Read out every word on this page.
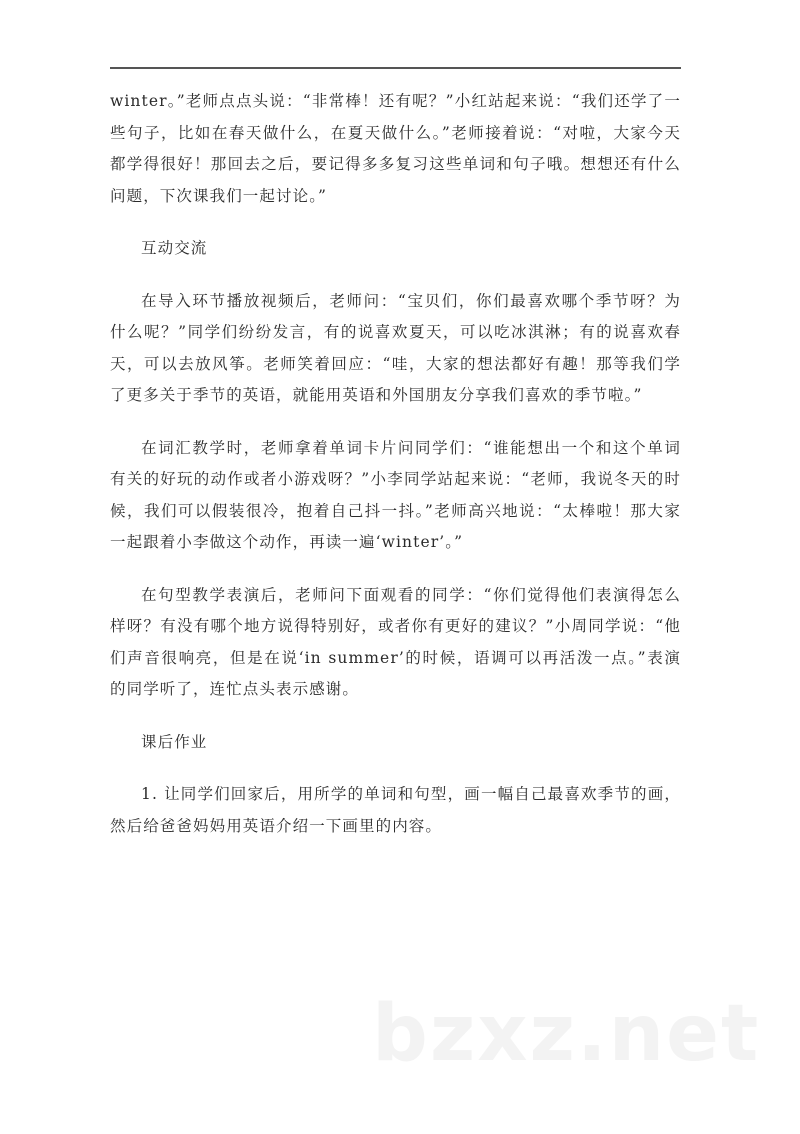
winter。”老师点点头说：“非常棒！还有呢？”小红站起来说：“我们还学了一些句子，比如在春天做什么，在夏天做什么。”老师接着说：“对啦，大家今天都学得很好！那回去之后，要记得多多复习这些单词和句子哦。想想还有什么问题，下次课我们一起讨论。”

互动交流

在导入环节播放视频后，老师问：“宝贝们，你们最喜欢哪个季节呀？为什么呢？”同学们纷纷发言，有的说喜欢夏天，可以吃冰淇淋；有的说喜欢春天，可以去放风筝。老师笑着回应：“哇，大家的想法都好有趣！那等我们学了更多关于季节的英语，就能用英语和外国朋友分享我们喜欢的季节啦。”

在词汇教学时，老师拿着单词卡片问同学们：“谁能想出一个和这个单词有关的好玩的动作或者小游戏呀？”小李同学站起来说：“老师，我说冬天的时候，我们可以假装很冷，抱着自己抖一抖。”老师高兴地说：“太棒啦！那大家一起跟着小李做这个动作，再读一遍‘winter’。”

在句型教学表演后，老师问下面观看的同学：“你们觉得他们表演得怎么样呀？有没有哪个地方说得特别好，或者你有更好的建议？”小周同学说：“他们声音很响亮，但是在说‘in summer’的时候，语调可以再活泼一点。”表演的同学听了，连忙点头表示感谢。

课后作业

1. 让同学们回家后，用所学的单词和句型，画一幅自己最喜欢季节的画，然后给爸爸妈妈用英语介绍一下画里的内容。

bzxz.net
